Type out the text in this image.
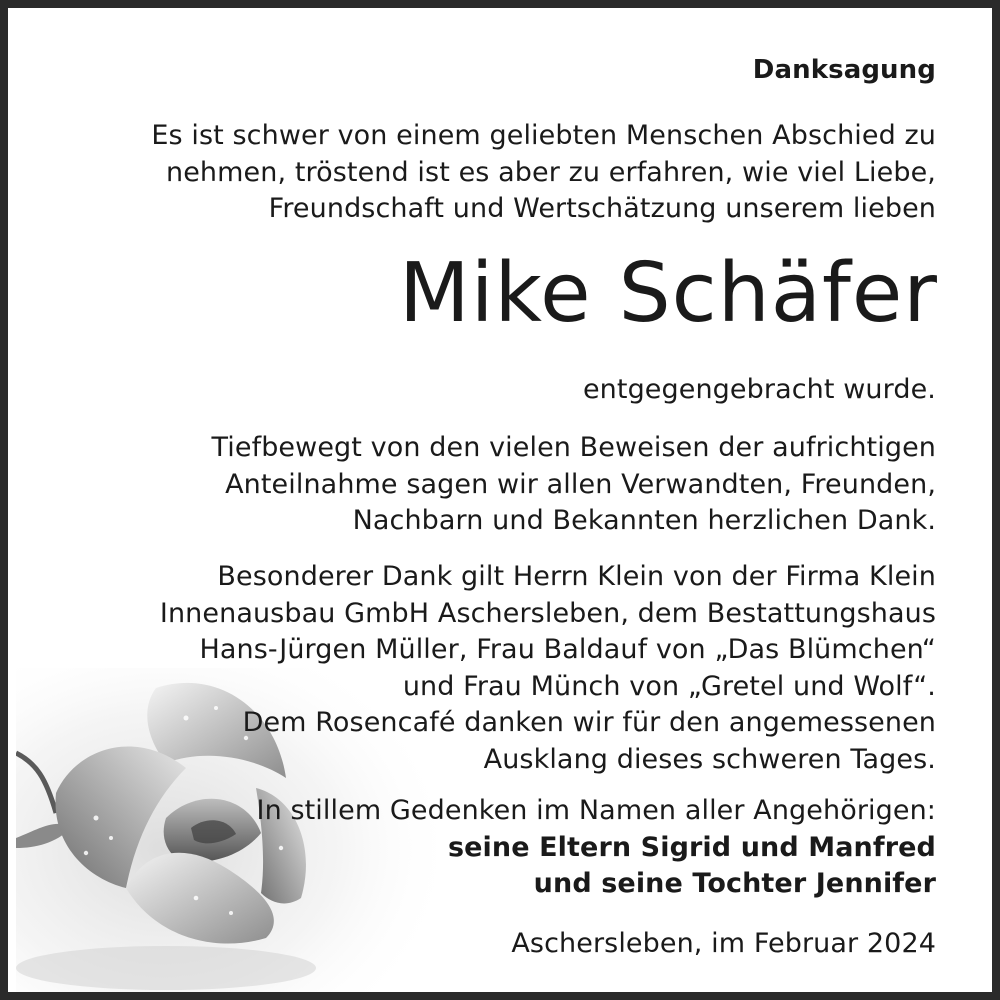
Danksagung
Es ist schwer von einem geliebten Menschen Abschied zu
nehmen, tröstend ist es aber zu erfahren, wie viel Liebe,
Freundschaft und Wertschätzung unserem lieben
Mike Schäfer
entgegengebracht wurde.
Tiefbewegt von den vielen Beweisen der aufrichtigen
Anteilnahme sagen wir allen Verwandten, Freunden,
Nachbarn und Bekannten herzlichen Dank.
Besonderer Dank gilt Herrn Klein von der Firma Klein
Innenausbau GmbH Aschersleben, dem Bestattungshaus
Hans-Jürgen Müller, Frau Baldauf von „Das Blümchen“
und Frau Münch von „Gretel und Wolf“.
Dem Rosencafé danken wir für den angemessenen
Ausklang dieses schweren Tages.
In stillem Gedenken im Namen aller Angehörigen:
seine Eltern Sigrid und Manfred
und seine Tochter Jennifer
Aschersleben, im Februar 2024
